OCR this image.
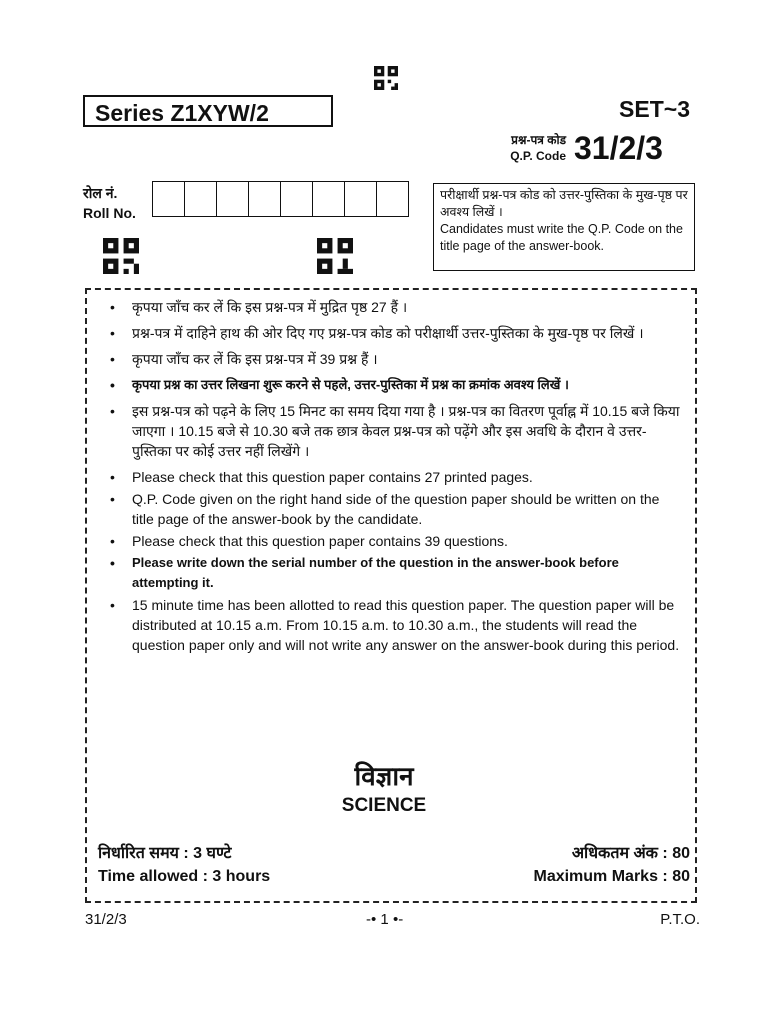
Series Z1XYW/2	SET~3
प्रश्न-पत्र कोड
Q.P. Code 31/2/3
रोल नं.
Roll No.
परीक्षार्थी प्रश्न-पत्र कोड को उत्तर-पुस्तिका के मुख-पृष्ठ पर अवश्य लिखें ।
Candidates must write the Q.P. Code on the title page of the answer-book.
• कृपया जाँच कर लें कि इस प्रश्न-पत्र में मुद्रित पृष्ठ 27 हैं ।
• प्रश्न-पत्र में दाहिने हाथ की ओर दिए गए प्रश्न-पत्र कोड को परीक्षार्थी उत्तर-पुस्तिका के मुख-पृष्ठ पर लिखें ।
• कृपया जाँच कर लें कि इस प्रश्न-पत्र में 39 प्रश्न हैं ।
• कृपया प्रश्न का उत्तर लिखना शुरू करने से पहले, उत्तर-पुस्तिका में प्रश्न का क्रमांक अवश्य लिखें ।
• इस प्रश्न-पत्र को पढ़ने के लिए 15 मिनट का समय दिया गया है । प्रश्न-पत्र का वितरण पूर्वाह्न में 10.15 बजे किया जाएगा । 10.15 बजे से 10.30 बजे तक छात्र केवल प्रश्न-पत्र को पढ़ेंगे और इस अवधि के दौरान वे उत्तर-पुस्तिका पर कोई उत्तर नहीं लिखेंगे ।
• Please check that this question paper contains 27 printed pages.
• Q.P. Code given on the right hand side of the question paper should be written on the title page of the answer-book by the candidate.
• Please check that this question paper contains 39 questions.
• Please write down the serial number of the question in the answer-book before attempting it.
• 15 minute time has been allotted to read this question paper. The question paper will be distributed at 10.15 a.m. From 10.15 a.m. to 10.30 a.m., the students will read the question paper only and will not write any answer on the answer-book during this period.
विज्ञान
SCIENCE
निर्धारित समय : 3 घण्टे
Time allowed : 3 hours
अधिकतम अंक : 80
Maximum Marks : 80
31/2/3	-• 1 •-	P.T.O.
